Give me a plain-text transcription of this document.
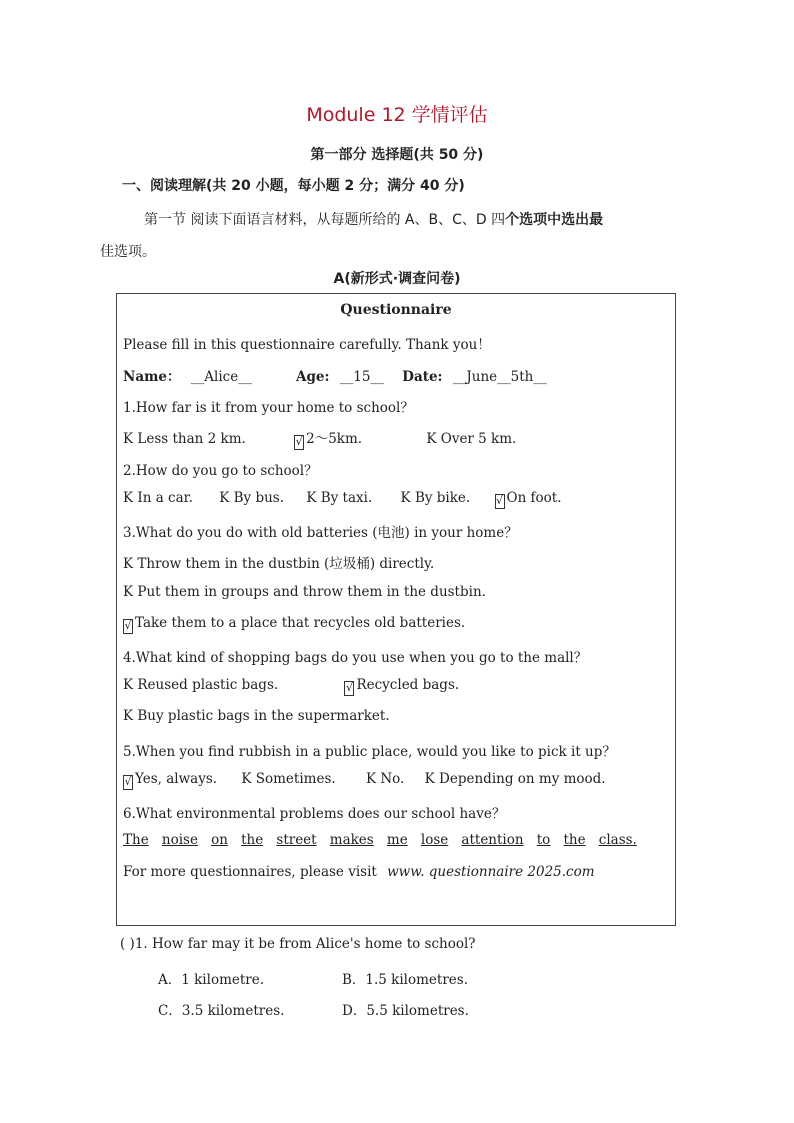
Module 12 学情评估
第一部分 选择题(共 50 分)
一、阅读理解(共 20 小题，每小题 2 分；满分 40 分)
第一节 阅读下面语言材料，从每题所给的 A、B、C、D 四个选项中选出最
佳选项。
A(新形式·调查问卷)
Questionnaire
Please fill in this questionnaire carefully. Thank you！
Name： __Alice__	Age: __15__ Date: __June__5th__
1.How far is it from your home to school？
K Less than 2 km.	√ 2～5km.	K Over 5 km.
2.How do you go to school？
K In a car. K By bus. K By taxi. K By bike. √ On foot.
3.What do you do with old batteries (电池) in your home？
K Throw them in the dustbin (垃圾桶) directly.
K Put them in groups and throw them in the dustbin.
√ Take them to a place that recycles old batteries.
4.What kind of shopping bags do you use when you go to the mall？
K Reused plastic bags.	√ Recycled bags.
K Buy plastic bags in the supermarket.
5.When you find rubbish in a public place, would you like to pick it up？
√ Yes, always. K Sometimes. K No. K Depending on my mood.
6.What environmental problems does our school have？
The noise on the street makes me lose attention to the class.
For more questionnaires, please visit www. questionnaire 2025.com
( )1. How far may it be from Alice's home to school?
A．1 kilometre.	B．1.5 kilometres.
C．3.5 kilometres.	D．5.5 kilometres.
